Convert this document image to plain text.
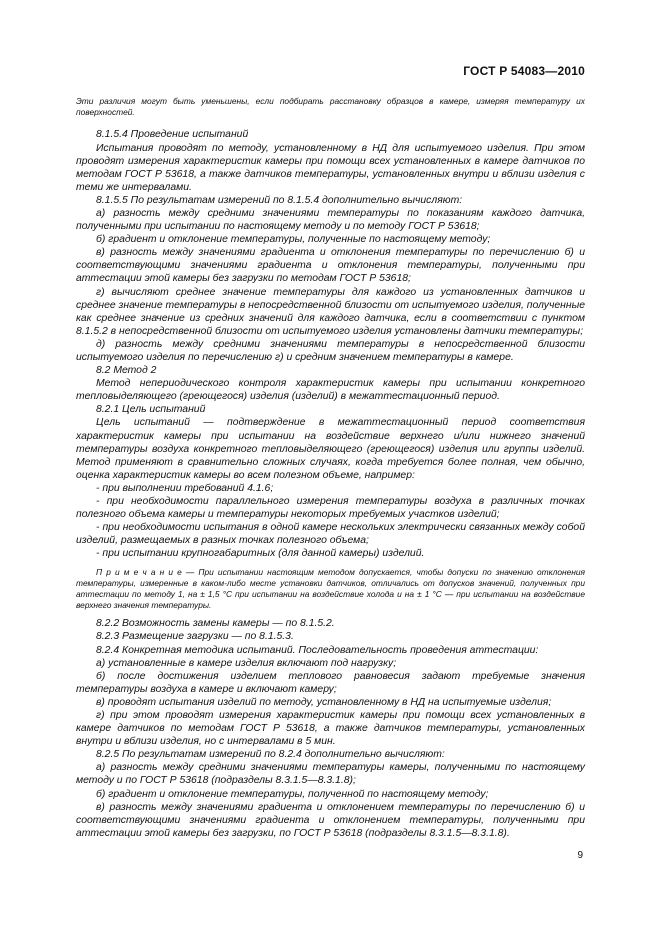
ГОСТ Р 54083—2010

Эти различия могут быть уменьшены, если подбирать расстановку образцов в камере, измеряя температуру их поверхностей.

8.1.5.4 Проведение испытаний

Испытания проводят по методу, установленному в НД для испытуемого изделия. При этом проводят измерения характеристик камеры при помощи всех установленных в камере датчиков по методам ГОСТ Р 53618, а также датчиков температуры, установленных внутри и вблизи изделия с теми же интервалами.

8.1.5.5 По результатам измерений по 8.1.5.4 дополнительно вычисляют:

а) разность между средними значениями температуры по показаниям каждого датчика, полученными при испытании по настоящему методу и по методу ГОСТ Р 53618;

б) градиент и отклонение температуры, полученные по настоящему методу;

в) разность между значениями градиента и отклонения температуры по перечислению б) и соответствующими значениями градиента и отклонения температуры, полученными при аттестации этой камеры без загрузки по методам ГОСТ Р 53618;

г) вычисляют среднее значение температуры для каждого из установленных датчиков и среднее значение температуры в непосредственной близости от испытуемого изделия, полученные как среднее значение из средних значений для каждого датчика, если в соответствии с пунктом 8.1.5.2 в непосредственной близости от испытуемого изделия установлены датчики температуры;

д) разность между средними значениями температуры в непосредственной близости испытуемого изделия по перечислению г) и средним значением температуры в камере.

8.2 Метод 2

Метод непериодического контроля характеристик камеры при испытании конкретного тепловыделяющего (греющегося) изделия (изделий) в межаттестационный период.

8.2.1 Цель испытаний

Цель испытаний — подтверждение в межаттестационный период соответствия характеристик камеры при испытании на воздействие верхнего и/или нижнего значений температуры воздуха конкретного тепловыделяющего (греющегося) изделия или группы изделий. Метод применяют в сравнительно сложных случаях, когда требуется более полная, чем обычно, оценка характеристик камеры во всем полезном объеме, например:

- при выполнении требований 4.1.6;

- при необходимости параллельного измерения температуры воздуха в различных точках полезного объема камеры и температуры некоторых требуемых участков изделий;

- при необходимости испытания в одной камере нескольких электрически связанных между собой изделий, размещаемых в разных точках полезного объема;

- при испытании крупногабаритных (для данной камеры) изделий.

П р и м е ч а н и е — При испытании настоящим методом допускается, чтобы допуски по значению отклонения температуры, измеренные в каком-либо месте установки датчиков, отличались от допусков значений, полученных при аттестации по методу 1, на ± 1,5 °С при испытании на воздействие холода и на ± 1 °С — при испытании на воздействие верхнего значения температуры.

8.2.2 Возможность замены камеры — по 8.1.5.2.

8.2.3 Размещение загрузки — по 8.1.5.3.

8.2.4 Конкретная методика испытаний. Последовательность проведения аттестации:

а) установленные в камере изделия включают под нагрузку;

б) после достижения изделием теплового равновесия задают требуемые значения температуры воздуха в камере и включают камеру;

в) проводят испытания изделий по методу, установленному в НД на испытуемые изделия;

г) при этом проводят измерения характеристик камеры при помощи всех установленных в камере датчиков по методам ГОСТ Р 53618, а также датчиков температуры, установленных внутри и вблизи изделия, но с интервалами в 5 мин.

8.2.5 По результатам измерений по 8.2.4 дополнительно вычисляют:

а) разность между средними значениями температуры камеры, полученными по настоящему методу и по ГОСТ Р 53618 (подразделы 8.3.1.5—8.3.1.8);

б) градиент и отклонение температуры, полученной по настоящему методу;

в) разность между значениями градиента и отклонением температуры по перечислению б) и соответствующими значениями градиента и отклонением температуры, полученными при аттестации этой камеры без загрузки, по ГОСТ Р 53618 (подразделы 8.3.1.5—8.3.1.8).

9
